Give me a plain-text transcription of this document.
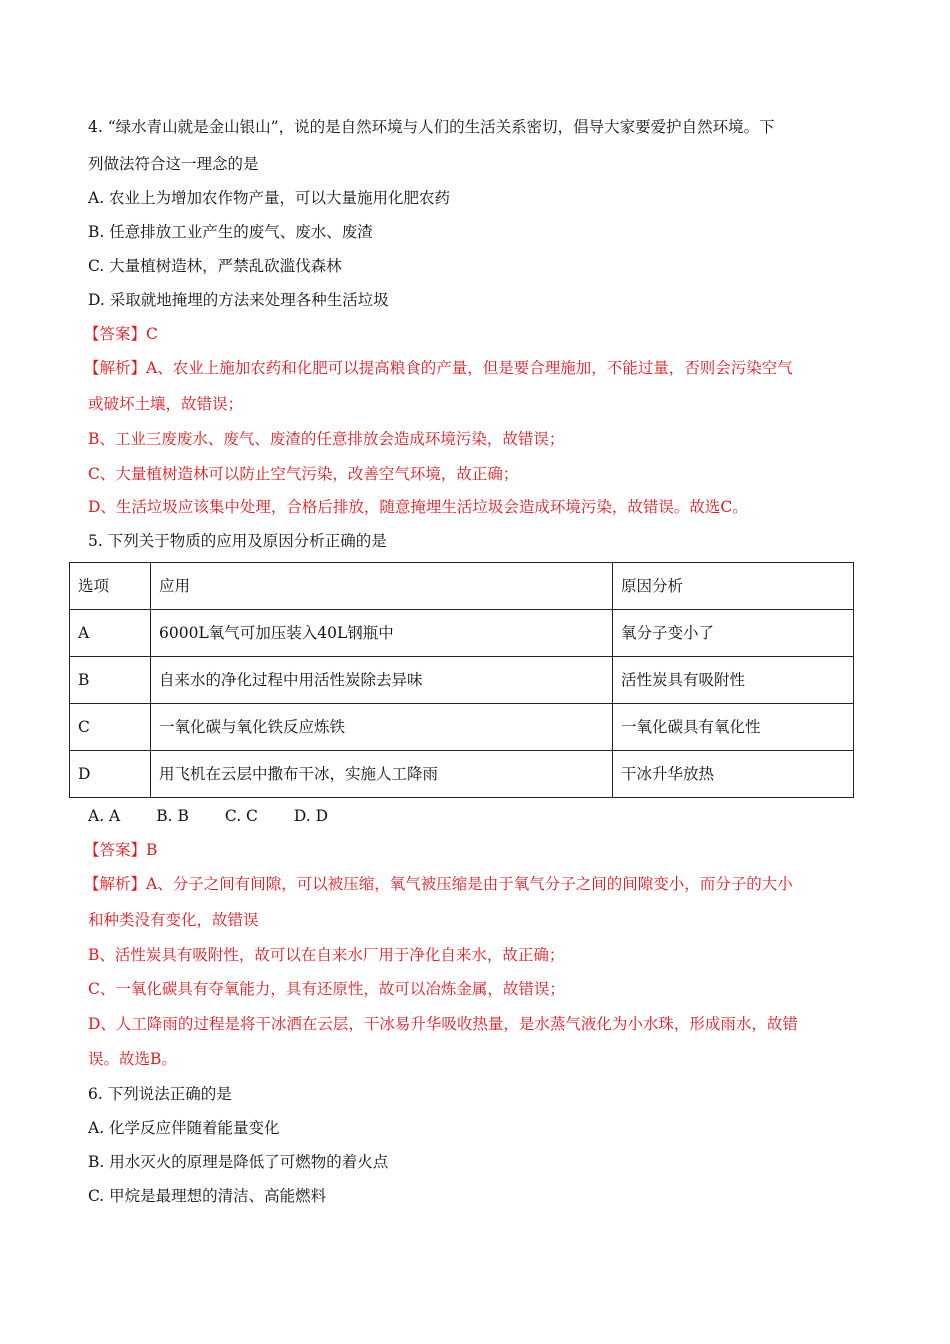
4. “绿水青山就是金山银山”，说的是自然环境与人们的生活关系密切，倡导大家要爱护自然环境。下
列做法符合这一理念的是
A. 农业上为增加农作物产量，可以大量施用化肥农药
B. 任意排放工业产生的废气、废水、废渣
C. 大量植树造林，严禁乱砍滥伐森林
D. 采取就地掩埋的方法来处理各种生活垃圾
【答案】C
【解析】A、农业上施加农药和化肥可以提高粮食的产量，但是要合理施加，不能过量，否则会污染空气
或破坏土壤，故错误；
B、工业三废废水、废气、废渣的任意排放会造成环境污染，故错误；
C、大量植树造林可以防止空气污染，改善空气环境，故正确；
D、生活垃圾应该集中处理，合格后排放，随意掩埋生活垃圾会造成环境污染，故错误。故选C。
5. 下列关于物质的应用及原因分析正确的是
选项	应用	原因分析
A	6000L氧气可加压装入40L钢瓶中	氧分子变小了
B	自来水的净化过程中用活性炭除去异味	活性炭具有吸附性
C	一氧化碳与氧化铁反应炼铁	一氧化碳具有氧化性
D	用飞机在云层中撒布干冰，实施人工降雨	干冰升华放热
A. A B. B C. C D. D
【答案】B
【解析】A、分子之间有间隙，可以被压缩，氧气被压缩是由于氧气分子之间的间隙变小，而分子的大小
和种类没有变化，故错误
B、活性炭具有吸附性，故可以在自来水厂用于净化自来水，故正确；
C、一氧化碳具有夺氧能力，具有还原性，故可以冶炼金属，故错误；
D、人工降雨的过程是将干冰洒在云层，干冰易升华吸收热量，是水蒸气液化为小水珠，形成雨水，故错
误。故选B。
6. 下列说法正确的是
A. 化学反应伴随着能量变化
B. 用水灭火的原理是降低了可燃物的着火点
C. 甲烷是最理想的清洁、高能燃料
